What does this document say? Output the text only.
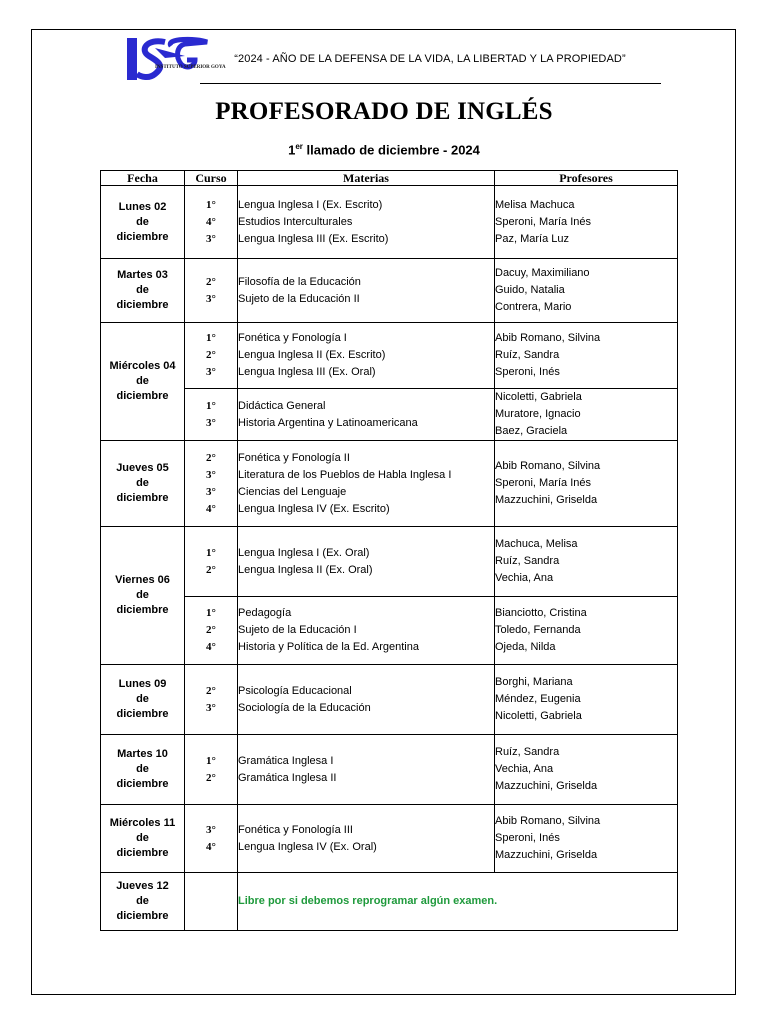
INSTITUTO SUPERIOR GOYA
“2024 - AÑO DE LA DEFENSA DE LA VIDA, LA LIBERTAD Y LA PROPIEDAD”
PROFESORADO DE INGLÉS
1er llamado de diciembre - 2024
Fecha	Curso	Materias	Profesores

Lunes 02
de
diciembre	1°
4°
3°	Lengua Inglesa I (Ex. Escrito)
Estudios Interculturales
Lengua Inglesa III (Ex. Escrito)	Melisa Machuca
Speroni, María Inés
Paz, María Luz

Martes 03
de
diciembre	2°
3°	Filosofía de la Educación
Sujeto de la Educación II	Dacuy, Maximiliano
Guido, Natalia
Contrera, Mario

Miércoles 04
de
diciembre	1°
2°
3°	Fonética y Fonología I
Lengua Inglesa II (Ex. Escrito)
Lengua Inglesa III (Ex. Oral)	Abib Romano, Silvina
Ruíz, Sandra
Speroni, Inés

	1°
3°	Didáctica General
Historia Argentina y Latinoamericana	Nicoletti, Gabriela
Muratore, Ignacio
Baez, Graciela

Jueves 05
de
diciembre	2°
3°
3°
4°	Fonética y Fonología II
Literatura de los Pueblos de Habla Inglesa I
Ciencias del Lenguaje
Lengua Inglesa IV (Ex. Escrito)	Abib Romano, Silvina
Speroni, María Inés
Mazzuchini, Griselda

Viernes 06
de
diciembre	1°
2°	Lengua Inglesa I (Ex. Oral)
Lengua Inglesa II (Ex. Oral)	Machuca, Melisa
Ruíz, Sandra
Vechia, Ana

	1°
2°
4°	Pedagogía
Sujeto de la Educación I
Historia y Política de la Ed. Argentina	Bianciotto, Cristina
Toledo, Fernanda
Ojeda, Nilda

Lunes 09
de
diciembre	2°
3°	Psicología Educacional
Sociología de la Educación	Borghi, Mariana
Méndez, Eugenia
Nicoletti, Gabriela

Martes 10
de
diciembre	1°
2°	Gramática Inglesa I
Gramática Inglesa II	Ruíz, Sandra
Vechia, Ana
Mazzuchini, Griselda

Miércoles 11
de
diciembre	3°
4°	Fonética y Fonología III
Lengua Inglesa IV (Ex. Oral)	Abib Romano, Silvina
Speroni, Inés
Mazzuchini, Griselda

Jueves 12
de
diciembre		Libre por si debemos reprogramar algún examen.	
